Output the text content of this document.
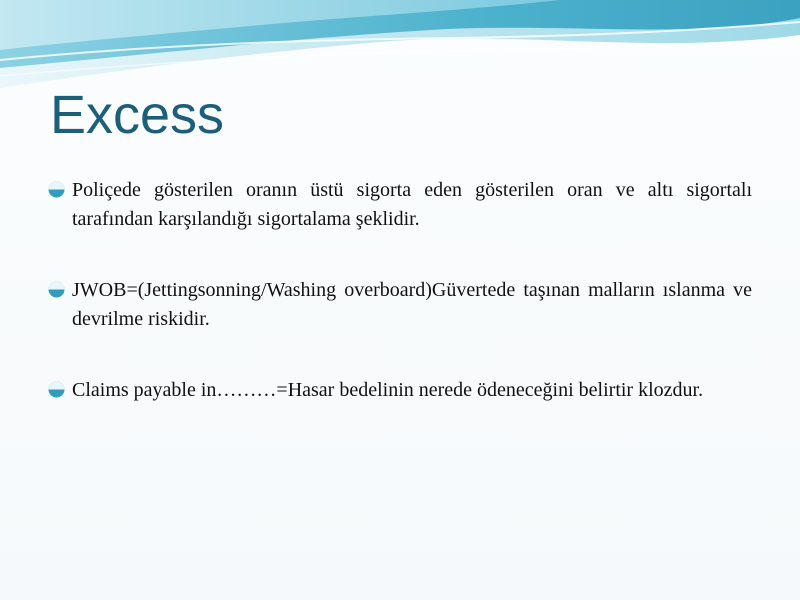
Excess
Poliçede gösterilen oranın üstü sigorta eden gösterilen oran ve altı sigortalı tarafından karşılandığı sigortalama şeklidir.
JWOB=(Jettingsonning/Washing overboard)Güvertede taşınan malların ıslanma ve devrilme riskidir.
Claims payable in………=Hasar bedelinin nerede ödeneceğini belirtir klozdur.
